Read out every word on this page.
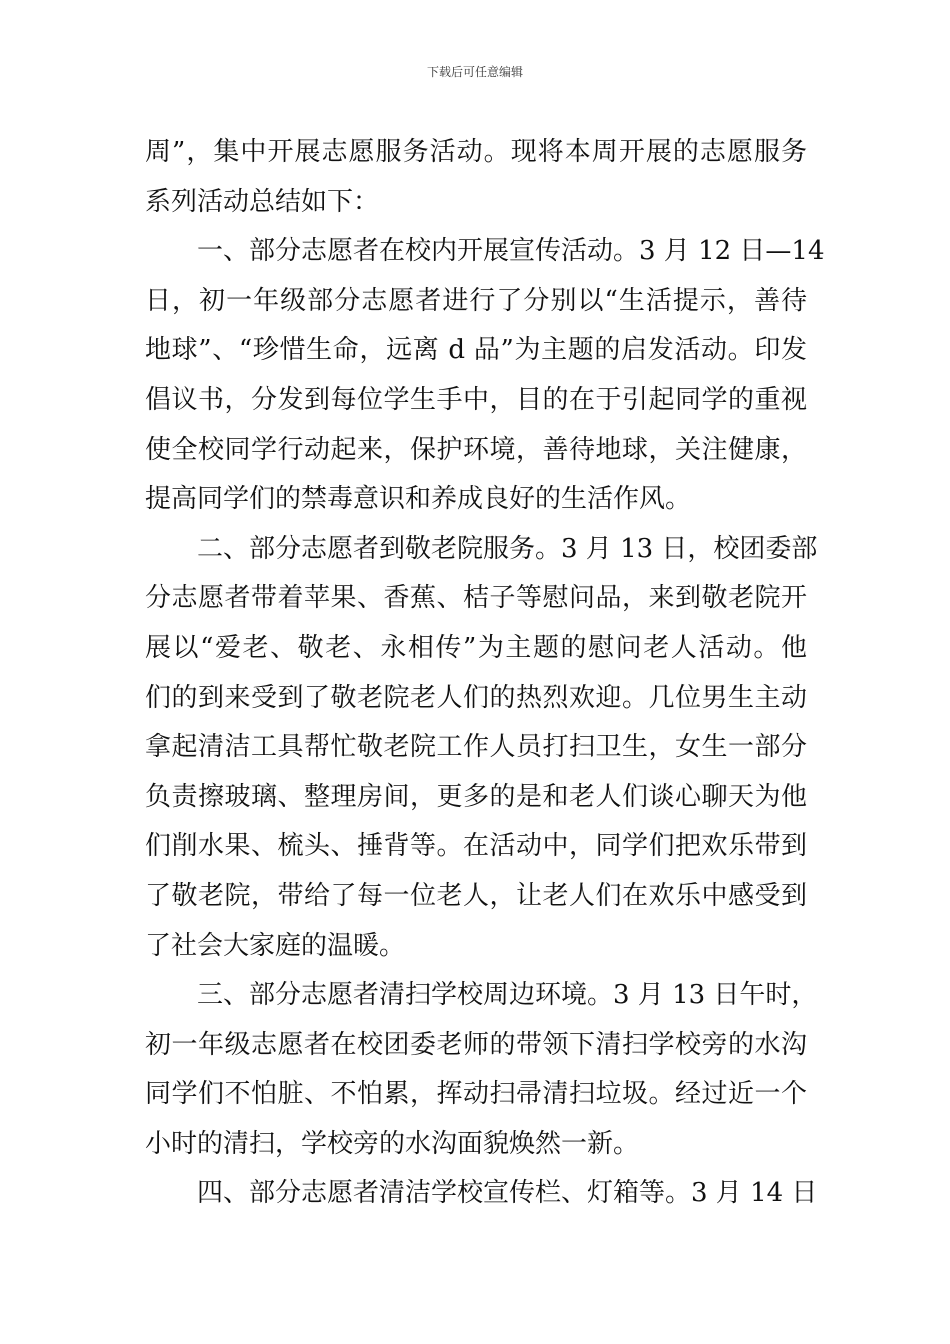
下载后可任意编辑
周”，集中开展志愿服务活动。现将本周开展的志愿服务
系列活动总结如下：
一、部分志愿者在校内开展宣传活动。3 月 12 日—14
日，初一年级部分志愿者进行了分别以“生活提示，善待
地球”、“珍惜生命，远离 d 品”为主题的启发活动。印发
倡议书，分发到每位学生手中，目的在于引起同学的重视
使全校同学行动起来，保护环境，善待地球，关注健康，
提高同学们的禁毒意识和养成良好的生活作风。
二、部分志愿者到敬老院服务。3 月 13 日，校团委部
分志愿者带着苹果、香蕉、桔子等慰问品，来到敬老院开
展以“爱老、敬老、永相传”为主题的慰问老人活动。他
们的到来受到了敬老院老人们的热烈欢迎。几位男生主动
拿起清洁工具帮忙敬老院工作人员打扫卫生，女生一部分
负责擦玻璃、整理房间，更多的是和老人们谈心聊天为他
们削水果、梳头、捶背等。在活动中，同学们把欢乐带到
了敬老院，带给了每一位老人，让老人们在欢乐中感受到
了社会大家庭的温暖。
三、部分志愿者清扫学校周边环境。3 月 13 日午时，
初一年级志愿者在校团委老师的带领下清扫学校旁的水沟
同学们不怕脏、不怕累，挥动扫帚清扫垃圾。经过近一个
小时的清扫，学校旁的水沟面貌焕然一新。
四、部分志愿者清洁学校宣传栏、灯箱等。3 月 14 日
